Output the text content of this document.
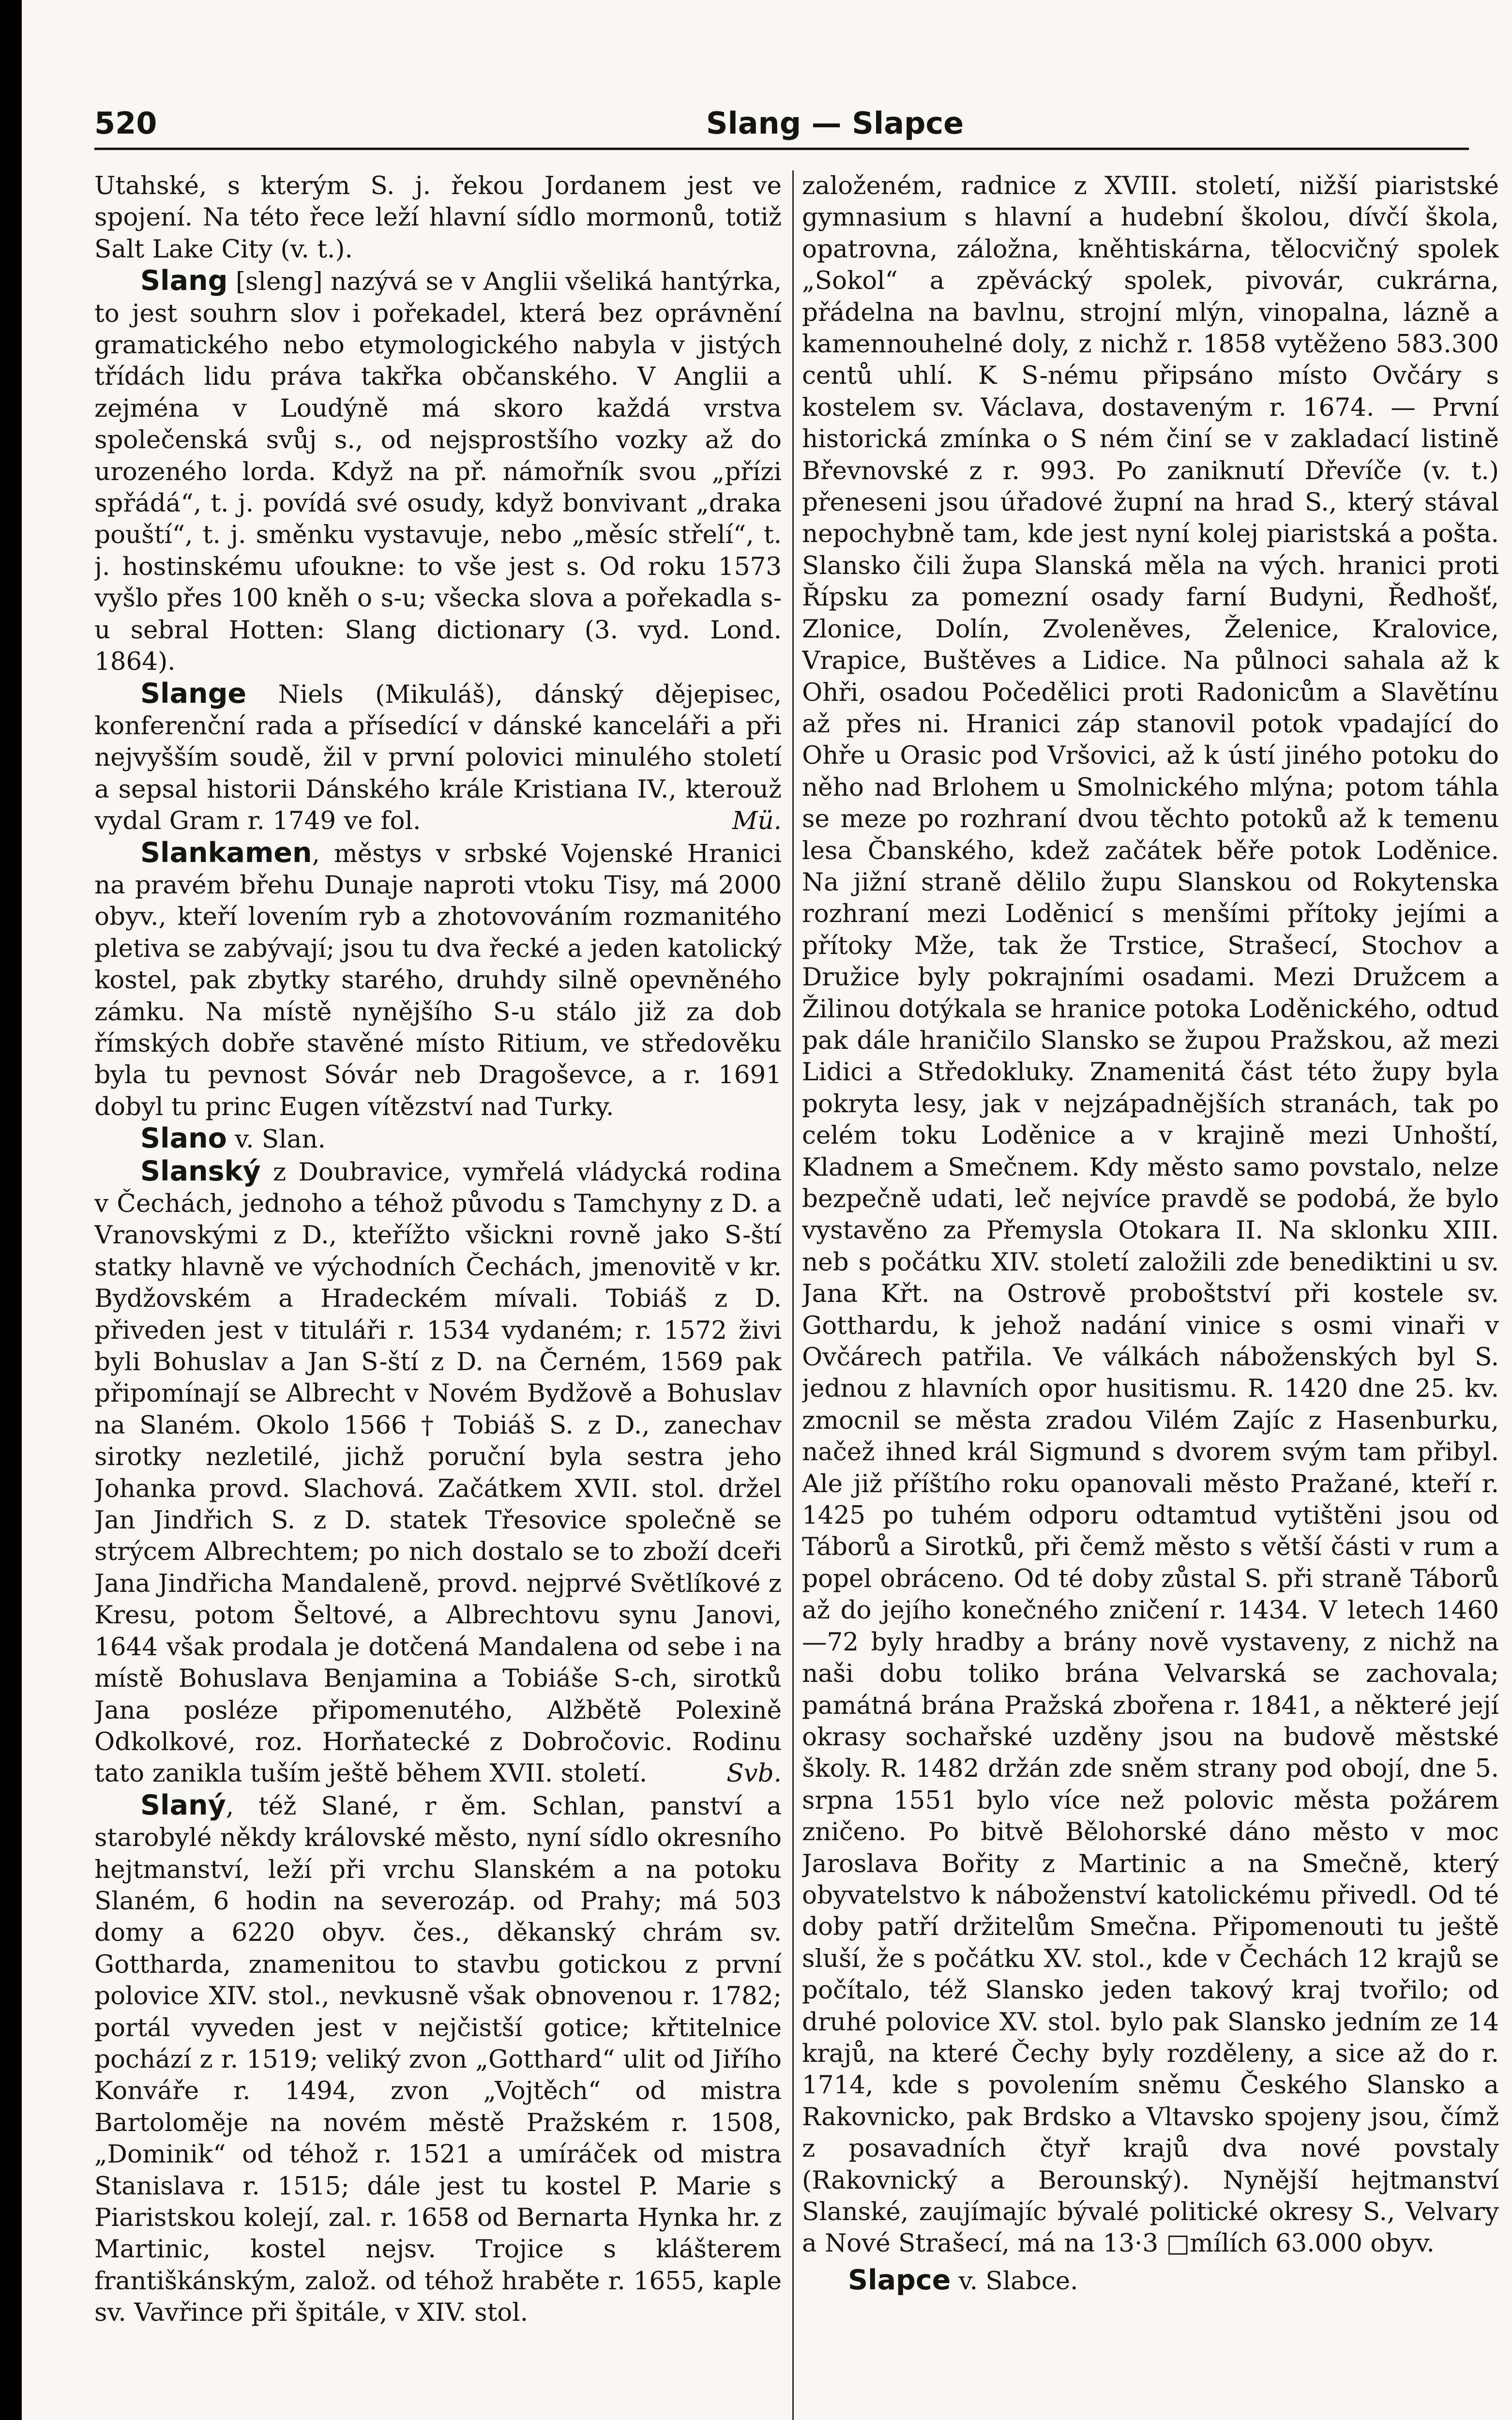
520	Slang — Slapce

Utahské, s kterým S. j. řekou Jordanem jest ve spojení. Na této řece leží hlavní sídlo mormonů, totiž Salt Lake City (v. t.).

Slang [sleng] nazývá se v Anglii všeliká hantýrka, to jest souhrn slov i pořekadel, která bez oprávnění gramatického nebo etymologického nabyla v jistých třídách lidu práva takřka občanského. V Anglii a zejména v Loudýně má skoro každá vrstva společenská svůj s., od nejsprostšího vozky až do urozeného lorda. Když na př. námořník svou „přízi spřádá“, t. j. povídá své osudy, když bonvivant „draka pouští“, t. j. směnku vystavuje, nebo „měsíc střelí“, t. j. hostinskému ufoukne: to vše jest s. Od roku 1573 vyšlo přes 100 kněh o s-u; všecka slova a pořekadla s-u sebral Hotten: Slang dictionary (3. vyd. Lond. 1864).

Slange Niels (Mikuláš), dánský dějepisec, konferenční rada a přísedící v dánské kanceláři a při nejvyšším soudě, žil v první polovici minulého století a sepsal historii Dánského krále Kristiana IV., kterouž vydal Gram r. 1749 ve fol.	Mü.

Slankamen, městys v srbské Vojenské Hranici na pravém břehu Dunaje naproti vtoku Tisy, má 2000 obyv., kteří lovením ryb a zhotovováním rozmanitého pletiva se zabývají; jsou tu dva řecké a jeden katolický kostel, pak zbytky starého, druhdy silně opevněného zámku. Na místě nynějšího S-u stálo již za dob římských dobře stavěné místo Ritium, ve středověku byla tu pevnost Sóvár neb Dragoševce, a r. 1691 dobyl tu princ Eugen vítězství nad Turky.

Slano v. Slan.

Slanský z Doubravice, vymřelá vládycká rodina v Čechách, jednoho a téhož původu s Tamchyny z D. a Vranovskými z D., kteřížto všickni rovně jako S-ští statky hlavně ve východních Čechách, jmenovitě v kr. Bydžovském a Hradeckém mívali. Tobiáš z D. přiveden jest v tituláři r. 1534 vydaném; r. 1572 živi byli Bohuslav a Jan S-ští z D. na Černém, 1569 pak připomínají se Albrecht v Novém Bydžově a Bohuslav na Slaném. Okolo 1566 † Tobiáš S. z D., zanechav sirotky nezletilé, jichž poruční byla sestra jeho Johanka provd. Slachová. Začátkem XVII. stol. držel Jan Jindřich S. z D. statek Třesovice společně se strýcem Albrechtem; po nich dostalo se to zboží dceři Jana Jindřicha Mandaleně, provd. nejprvé Světlíkové z Kresu, potom Šeltové, a Albrechtovu synu Janovi, 1644 však prodala je dotčená Mandalena od sebe i na místě Bohuslava Benjamina a Tobiáše S-ch, sirotků Jana posléze připomenutého, Alžbětě Polexině Odkolkové, roz. Horňatecké z Dobročovic. Rodinu tato zanikla tuším ještě během XVII. století.	Svb.

Slaný, též Slané, r ěm. Schlan, panství a starobylé někdy královské město, nyní sídlo okresního hejtmanství, leží při vrchu Slanském a na potoku Slaném, 6 hodin na severozáp. od Prahy; má 503 domy a 6220 obyv. čes., děkanský chrám sv. Gottharda, znamenitou to stavbu gotickou z první polovice XIV. stol., nevkusně však obnovenou r. 1782; portál vyveden jest v nejčistší gotice; křtitelnice pochází z r. 1519; veliký zvon „Gotthard“ ulit od Jiřího Konváře r. 1494, zvon „Vojtěch“ od mistra Bartoloměje na novém městě Pražském r. 1508, „Dominik“ od téhož r. 1521 a umíráček od mistra Stanislava r. 1515; dále jest tu kostel P. Marie s Piaristskou kolejí, zal. r. 1658 od Bernarta Hynka hr. z Martinic, kostel nejsv. Trojice s klášterem františkánským, založ. od téhož hraběte r. 1655, kaple sv. Vavřince při špitále, v XIV. stol.

založeném, radnice z XVIII. století, nižší piaristské gymnasium s hlavní a hudební školou, dívčí škola, opatrovna, záložna, kněhtiskárna, tělocvičný spolek „Sokol“ a zpěvácký spolek, pivovár, cukrárna, přádelna na bavlnu, strojní mlýn, vinopalna, lázně a kamennouhelné doly, z nichž r. 1858 vytěženo 583.300 centů uhlí. K S-nému připsáno místo Ovčáry s kostelem sv. Václava, dostaveným r. 1674. — První historická zmínka o S ném činí se v zakladací listině Břevnovské z r. 993. Po zaniknutí Dřevíče (v. t.) přeneseni jsou úřadové župní na hrad S., který stával nepochybně tam, kde jest nyní kolej piaristská a pošta. Slansko čili župa Slanská měla na vých. hranici proti Řípsku za pomezní osady farní Budyni, Ředhošť, Zlonice, Dolín, Zvoleněves, Želenice, Kralovice, Vrapice, Buštěves a Lidice. Na půlnoci sahala až k Ohři, osadou Počedělici proti Radonicům a Slavětínu až přes ni. Hranici záp stanovil potok vpadající do Ohře u Orasic pod Vršovici, až k ústí jiného potoku do něho nad Brlohem u Smolnického mlýna; potom táhla se meze po rozhraní dvou těchto potoků až k temenu lesa Čbanského, kdež začátek běře potok Loděnice. Na jižní straně dělilo župu Slanskou od Rokytenska rozhraní mezi Loděnicí s menšími přítoky jejími a přítoky Mže, tak že Trstice, Strašecí, Stochov a Družice byly pokrajními osadami. Mezi Družcem a Žilinou dotýkala se hranice potoka Loděnického, odtud pak dále hraničilo Slansko se župou Pražskou, až mezi Lidici a Středokluky. Znamenitá část této župy byla pokryta lesy, jak v nejzápadnějších stranách, tak po celém toku Loděnice a v krajině mezi Unhoští, Kladnem a Smečnem. Kdy město samo povstalo, nelze bezpečně udati, leč nejvíce pravdě se podobá, že bylo vystavěno za Přemysla Otokara II. Na sklonku XIII. neb s počátku XIV. století založili zde benediktini u sv. Jana Křt. na Ostrově proboštství při kostele sv. Gotthardu, k jehož nadání vinice s osmi vinaři v Ovčárech patřila. Ve válkách náboženských byl S. jednou z hlavních opor husitismu. R. 1420 dne 25. kv. zmocnil se města zradou Vilém Zajíc z Hasenburku, načež ihned král Sigmund s dvorem svým tam přibyl. Ale již příštího roku opanovali město Pražané, kteří r. 1425 po tuhém odporu odtamtud vytištěni jsou od Táborů a Sirotků, při čemž město s větší části v rum a popel obráceno. Od té doby zůstal S. při straně Táborů až do jejího konečného zničení r. 1434. V letech 1460—72 byly hradby a brány nově vystaveny, z nichž na naši dobu toliko brána Velvarská se zachovala; památná brána Pražská zbořena r. 1841, a některé její okrasy sochařské uzděny jsou na budově městské školy. R. 1482 držán zde sněm strany pod obojí, dne 5. srpna 1551 bylo více než polovic města požárem zničeno. Po bitvě Bělohorské dáno město v moc Jaroslava Bořity z Martinic a na Smečně, který obyvatelstvo k náboženství katolickému přivedl. Od té doby patří držitelům Smečna. Připomenouti tu ještě sluší, že s počátku XV. stol., kde v Čechách 12 krajů se počítalo, též Slansko jeden takový kraj tvořilo; od druhé polovice XV. stol. bylo pak Slansko jedním ze 14 krajů, na které Čechy byly rozděleny, a sice až do r. 1714, kde s povolením sněmu Českého Slansko a Rakovnicko, pak Brdsko a Vltavsko spojeny jsou, čímž z posavadních čtyř krajů dva nové povstaly (Rakovnický a Berounský). Nynější hejtmanství Slanské, zaujímajíc bývalé politické okresy S., Velvary a Nové Strašecí, má na 13·3 □mílích 63.000 obyv.

Slapce v. Slabce.
